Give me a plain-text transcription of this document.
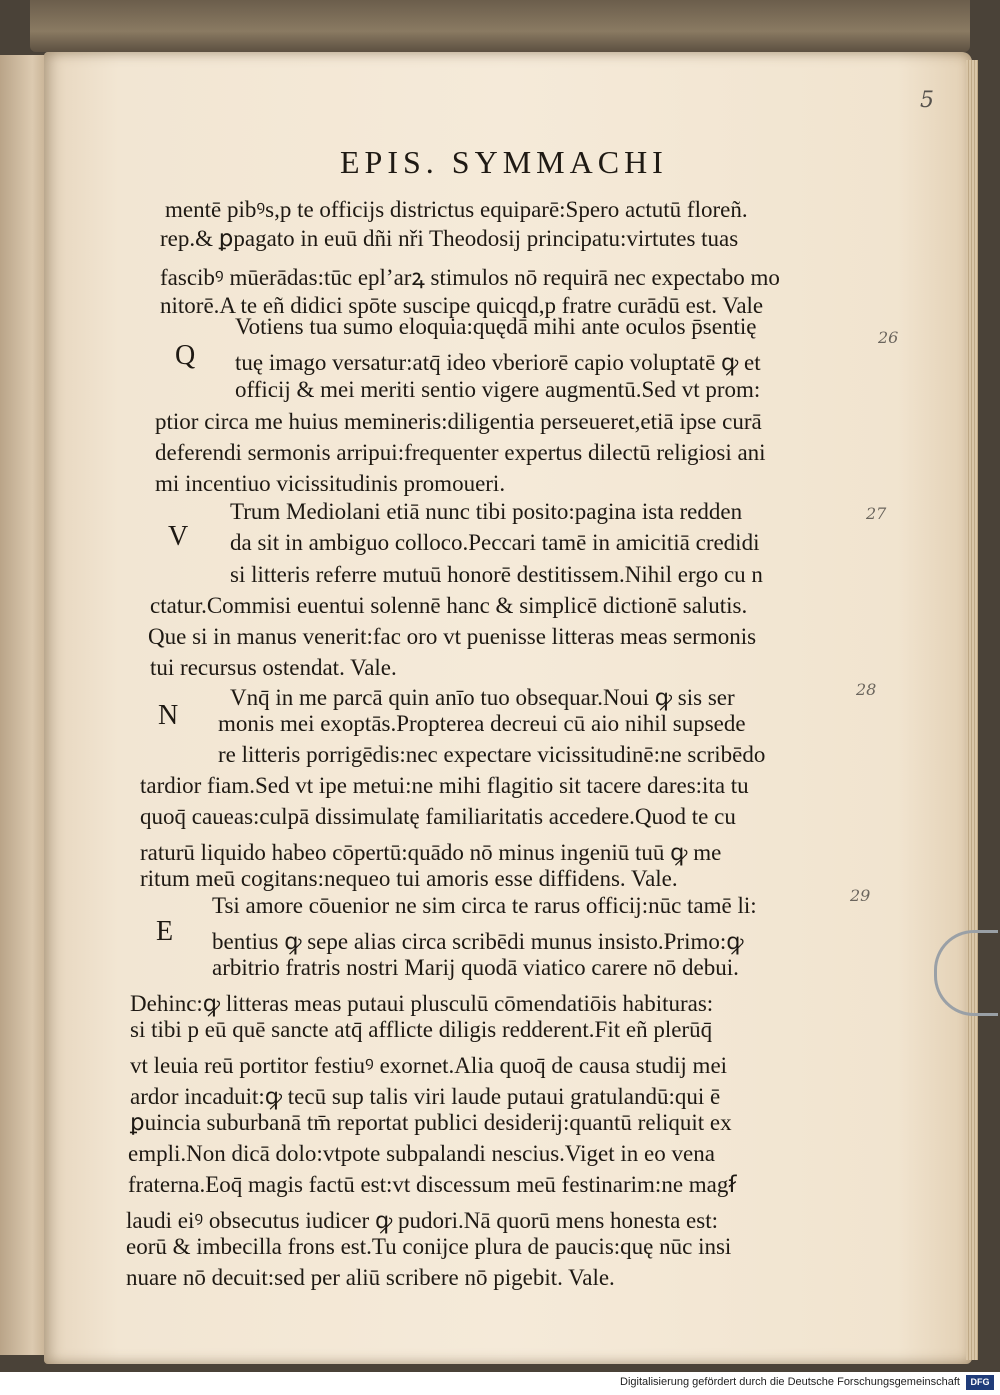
5
EPIS. SYMMACHI
mentē pibꝰs,p te officijs districtus equiparē:Spero actutū floreñ.
rep.& ꝑpagato in euū dñi nři Theodosij principatu:virtutes tuas
fascibꝰ mūerādas:tūc epl’arꝝ stimulos nō requirā nec expectabo mo
nitorē.A te eñ didici spōte suscipe quicqd,p fratre curādū est. Vale
Votiens tua sumo eloquia:quędā mihi ante oculos p̄sentię
Q tuę imago versatur:atq̄ ideo vberiorē capio voluptatē ꝙ et
officij & mei meriti sentio vigere augmentū.Sed vt prom:
ptior circa me huius memineris:diligentia perseueret,etiā ipse curā
deferendi sermonis arripui:frequenter expertus dilectū religiosi ani
mi incentiuo vicissitudinis promoueri.
Trum Mediolani etiā nunc tibi posito:pagina ista redden
V da sit in ambiguo colloco.Peccari tamē in amicitiā credidi
si litteris referre mutuū honorē destitissem.Nihil ergo cu n
ctatur.Commisi euentui solennē hanc & simplicē dictionē salutis.
Que si in manus venerit:fac oro vt puenisse litteras meas sermonis
tui recursus ostendat. Vale.
Vnq̄ in me parcā quin anīo tuo obsequar.Noui ꝙ sis ser
N monis mei exoptās.Propterea decreui cū aio nihil supsede
re litteris porrigēdis:nec expectare vicissitudinē:ne scribēdo
tardior fiam.Sed vt ipe metui:ne mihi flagitio sit tacere dares:ita tu
quoq̄ caueas:culpā dissimulatę familiaritatis accedere.Quod te cu
raturū liquido habeo cōpertū:quādo nō minus ingeniū tuū ꝙ me
ritum meū cogitans:nequeo tui amoris esse diffidens. Vale.
Tsi amore cōuenior ne sim circa te rarus officij:nūc tamē li:
E bentius ꝙ sepe alias circa scribēdi munus insisto.Primo:ꝙ
arbitrio fratris nostri Marij quodā viatico carere nō debui.
Dehinc:ꝙ litteras meas putaui plusculū cōmendatiōis habituras:
si tibi p eū quē sancte atq̄ afflicte diligis redderent.Fit eñ plerūq̄
vt leuia reū portitor festiuꝰ exornet.Alia quoq̄ de causa studij mei
ardor incaduit:ꝙ tecū sup talis viri laude putaui gratulandū:qui ē
ꝑuincia suburbanā tm̄ reportat publici desiderij:quantū reliquit ex
empli.Non dicā dolo:vtpote subpalandi nescius.Viget in eo vena
fraterna.Eoq̄ magis factū est:vt discessum meū festinarim:ne magẜ
laudi eiꝰ obsecutus iudicer ꝙ pudori.Nā quorū mens honesta est:
eorū & imbecilla frons est.Tu conijce plura de paucis:quę nūc insi
nuare nō decuit:sed per aliū scribere nō pigebit. Vale.
26
27
28
29
Digitalisierung gefördert durch die Deutsche Forschungsgemeinschaft	DFG
